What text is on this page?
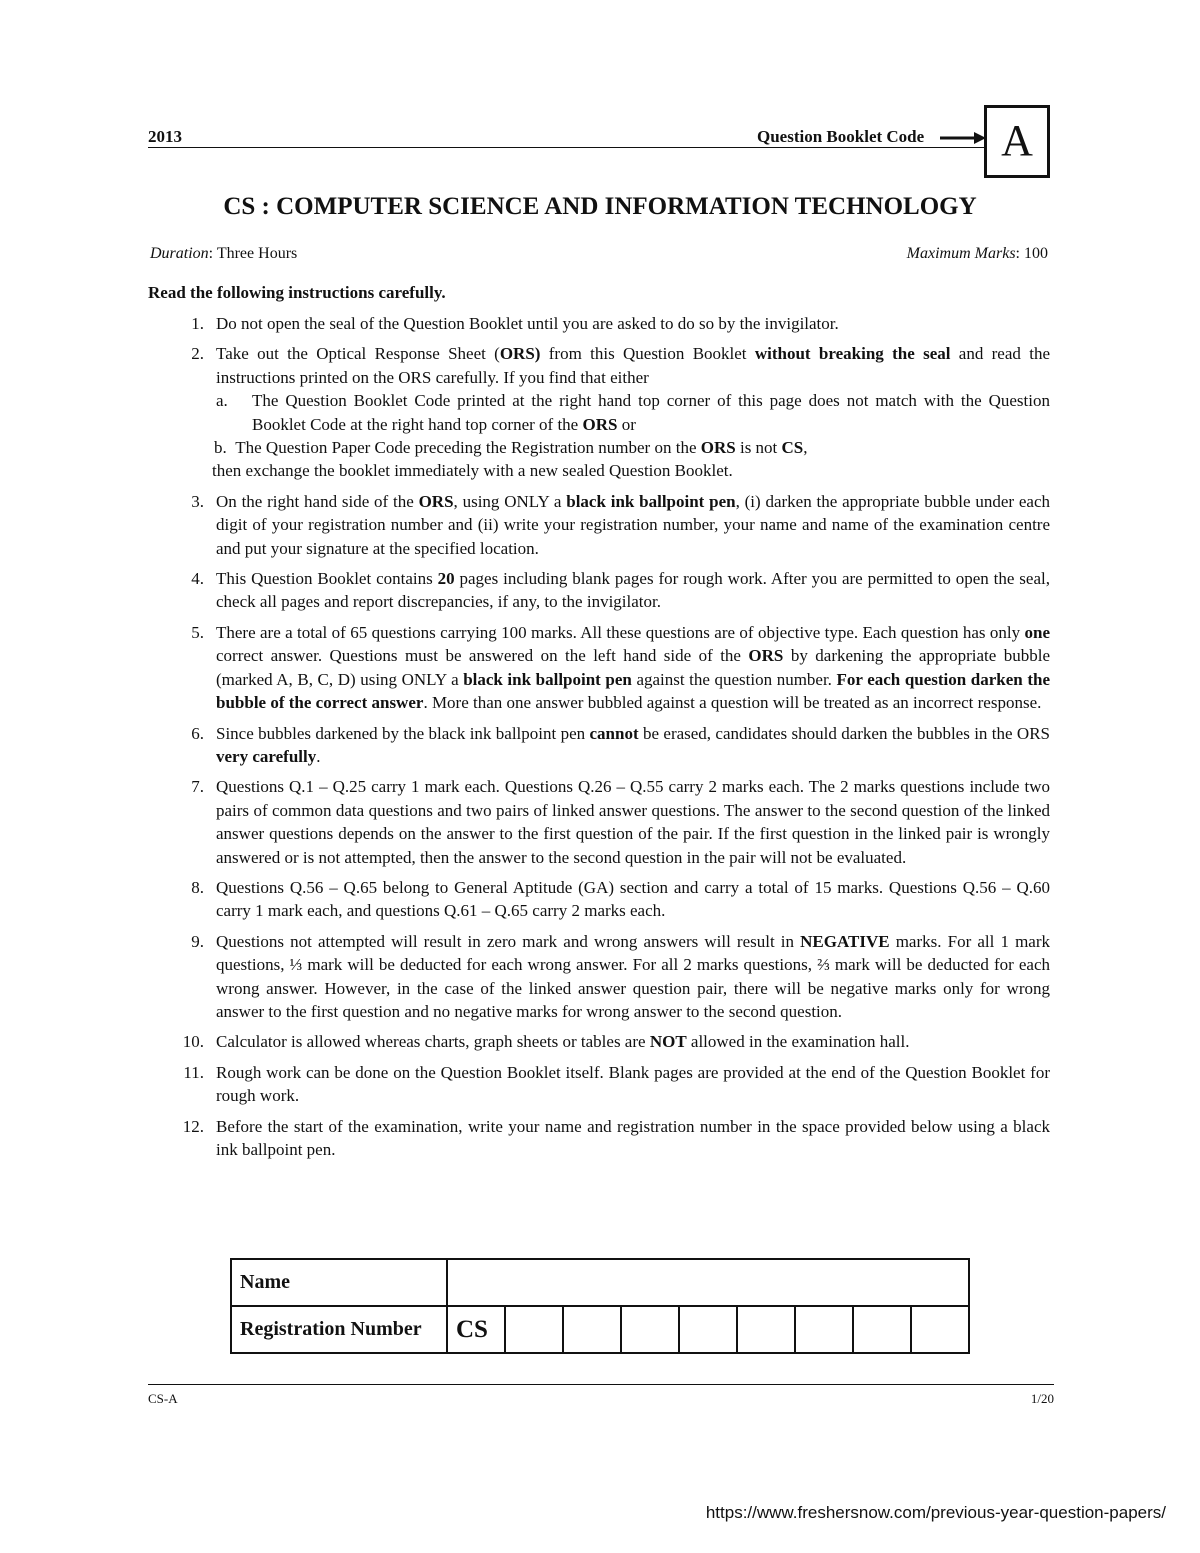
2013	Question Booklet Code	A
CS : COMPUTER SCIENCE AND INFORMATION TECHNOLOGY
Duration: Three Hours	Maximum Marks: 100
Read the following instructions carefully.
1. Do not open the seal of the Question Booklet until you are asked to do so by the invigilator.
2. Take out the Optical Response Sheet (ORS) from this Question Booklet without breaking the seal and read the instructions printed on the ORS carefully. If you find that either
a. The Question Booklet Code printed at the right hand top corner of this page does not match with the Question Booklet Code at the right hand top corner of the ORS or
b. The Question Paper Code preceding the Registration number on the ORS is not CS,
then exchange the booklet immediately with a new sealed Question Booklet.
3. On the right hand side of the ORS, using ONLY a black ink ballpoint pen, (i) darken the appropriate bubble under each digit of your registration number and (ii) write your registration number, your name and name of the examination centre and put your signature at the specified location.
4. This Question Booklet contains 20 pages including blank pages for rough work. After you are permitted to open the seal, check all pages and report discrepancies, if any, to the invigilator.
5. There are a total of 65 questions carrying 100 marks. All these questions are of objective type. Each question has only one correct answer. Questions must be answered on the left hand side of the ORS by darkening the appropriate bubble (marked A, B, C, D) using ONLY a black ink ballpoint pen against the question number. For each question darken the bubble of the correct answer. More than one answer bubbled against a question will be treated as an incorrect response.
6. Since bubbles darkened by the black ink ballpoint pen cannot be erased, candidates should darken the bubbles in the ORS very carefully.
7. Questions Q.1 – Q.25 carry 1 mark each. Questions Q.26 – Q.55 carry 2 marks each. The 2 marks questions include two pairs of common data questions and two pairs of linked answer questions. The answer to the second question of the linked answer questions depends on the answer to the first question of the pair. If the first question in the linked pair is wrongly answered or is not attempted, then the answer to the second question in the pair will not be evaluated.
8. Questions Q.56 – Q.65 belong to General Aptitude (GA) section and carry a total of 15 marks. Questions Q.56 – Q.60 carry 1 mark each, and questions Q.61 – Q.65 carry 2 marks each.
9. Questions not attempted will result in zero mark and wrong answers will result in NEGATIVE marks. For all 1 mark questions, ⅓ mark will be deducted for each wrong answer. For all 2 marks questions, ⅔ mark will be deducted for each wrong answer. However, in the case of the linked answer question pair, there will be negative marks only for wrong answer to the first question and no negative marks for wrong answer to the second question.
10. Calculator is allowed whereas charts, graph sheets or tables are NOT allowed in the examination hall.
11. Rough work can be done on the Question Booklet itself. Blank pages are provided at the end of the Question Booklet for rough work.
12. Before the start of the examination, write your name and registration number in the space provided below using a black ink ballpoint pen.
Name									
Registration Number	CS								
CS-A	1/20
https://www.freshersnow.com/previous-year-question-papers/
